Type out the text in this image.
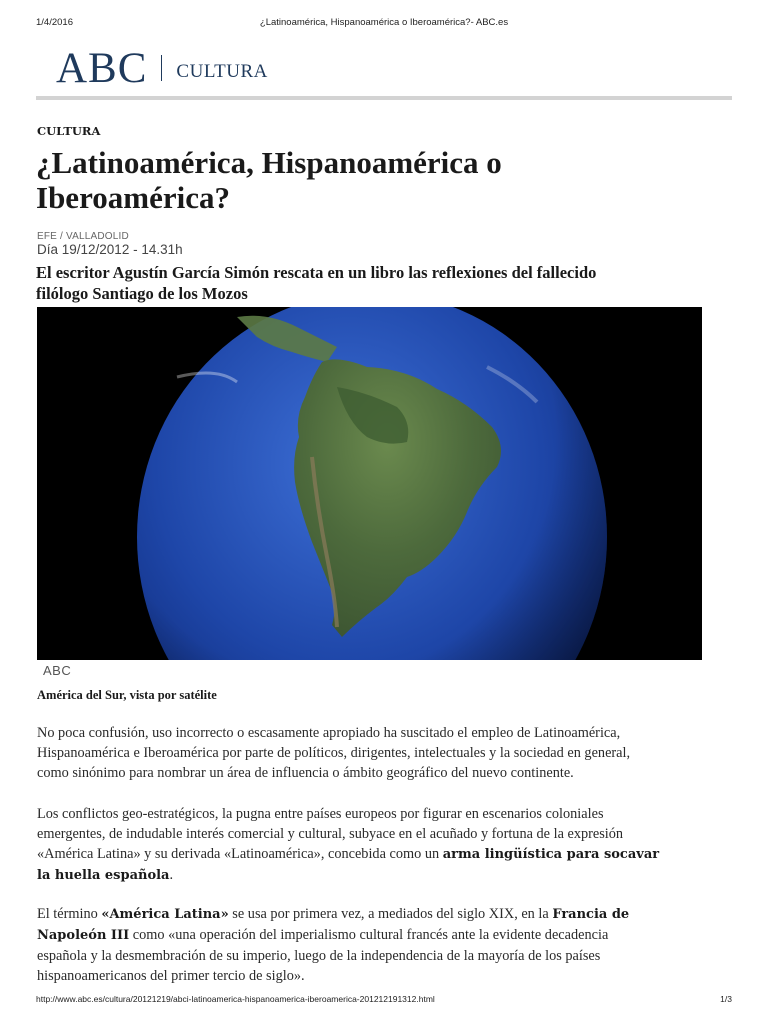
1/4/2016	¿Latinoamérica, Hispanoamérica o Iberoamérica?- ABC.es
ABC CULTURA
CULTURA
¿Latinoamérica, Hispanoamérica o
Iberoamérica?
EFE / VALLADOLID
Día 19/12/2012 - 14.31h
El escritor Agustín García Simón rescata en un libro las reflexiones del fallecido
filólogo Santiago de los Mozos
ABC
América del Sur, vista por satélite
No poca confusión, uso incorrecto o escasamente apropiado ha suscitado el empleo de Latinoamérica,
Hispanoamérica e Iberoamérica por parte de políticos, dirigentes, intelectuales y la sociedad en general,
como sinónimo para nombrar un área de influencia o ámbito geográfico del nuevo continente.
Los conflictos geo-estratégicos, la pugna entre países europeos por figurar en escenarios coloniales
emergentes, de indudable interés comercial y cultural, subyace en el acuñado y fortuna de la expresión
«América Latina» y su derivada «Latinoamérica», concebida como un arma lingüística para socavar
la huella española.
El término «América Latina» se usa por primera vez, a mediados del siglo XIX, en la Francia de
Napoleón III como «una operación del imperialismo cultural francés ante la evidente decadencia
española y la desmembración de su imperio, luego de la independencia de la mayoría de los países
hispanoamericanos del primer tercio de siglo».
http://www.abc.es/cultura/20121219/abci-latinoamerica-hispanoamerica-iberoamerica-201212191312.html	1/3
